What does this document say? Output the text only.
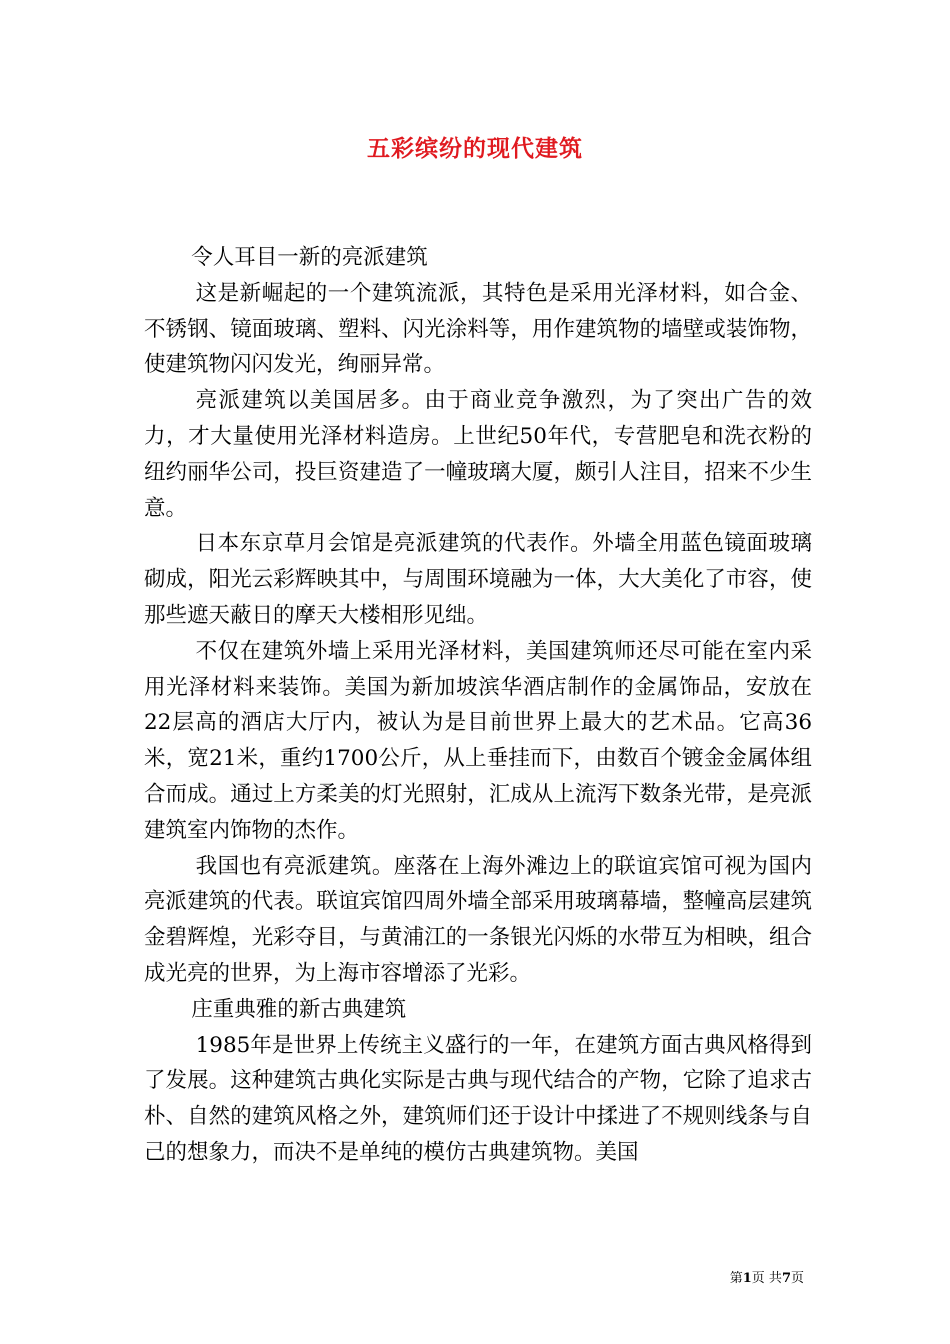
五彩缤纷的现代建筑

令人耳目一新的亮派建筑

这是新崛起的一个建筑流派，其特色是采用光泽材料，如合金、不锈钢、镜面玻璃、塑料、闪光涂料等，用作建筑物的墙壁或装饰物，使建筑物闪闪发光，绚丽异常。

亮派建筑以美国居多。由于商业竞争激烈，为了突出广告的效力，才大量使用光泽材料造房。上世纪50年代，专营肥皂和洗衣粉的纽约丽华公司，投巨资建造了一幢玻璃大厦，颇引人注目，招来不少生意。

日本东京草月会馆是亮派建筑的代表作。外墙全用蓝色镜面玻璃砌成，阳光云彩辉映其中，与周围环境融为一体，大大美化了市容，使那些遮天蔽日的摩天大楼相形见绌。

不仅在建筑外墙上采用光泽材料，美国建筑师还尽可能在室内采用光泽材料来装饰。美国为新加坡滨华酒店制作的金属饰品，安放在22层高的酒店大厅内，被认为是目前世界上最大的艺术品。它高36米，宽21米，重约1700公斤，从上垂挂而下，由数百个镀金金属体组合而成。通过上方柔美的灯光照射，汇成从上流泻下数条光带，是亮派建筑室内饰物的杰作。

我国也有亮派建筑。座落在上海外滩边上的联谊宾馆可视为国内亮派建筑的代表。联谊宾馆四周外墙全部采用玻璃幕墙，整幢高层建筑金碧辉煌，光彩夺目，与黄浦江的一条银光闪烁的水带互为相映，组合成光亮的世界，为上海市容增添了光彩。

庄重典雅的新古典建筑

1985年是世界上传统主义盛行的一年，在建筑方面古典风格得到了发展。这种建筑古典化实际是古典与现代结合的产物，它除了追求古朴、自然的建筑风格之外，建筑师们还于设计中揉进了不规则线条与自己的想象力，而决不是单纯的模仿古典建筑物。美国

第1页 共7页
